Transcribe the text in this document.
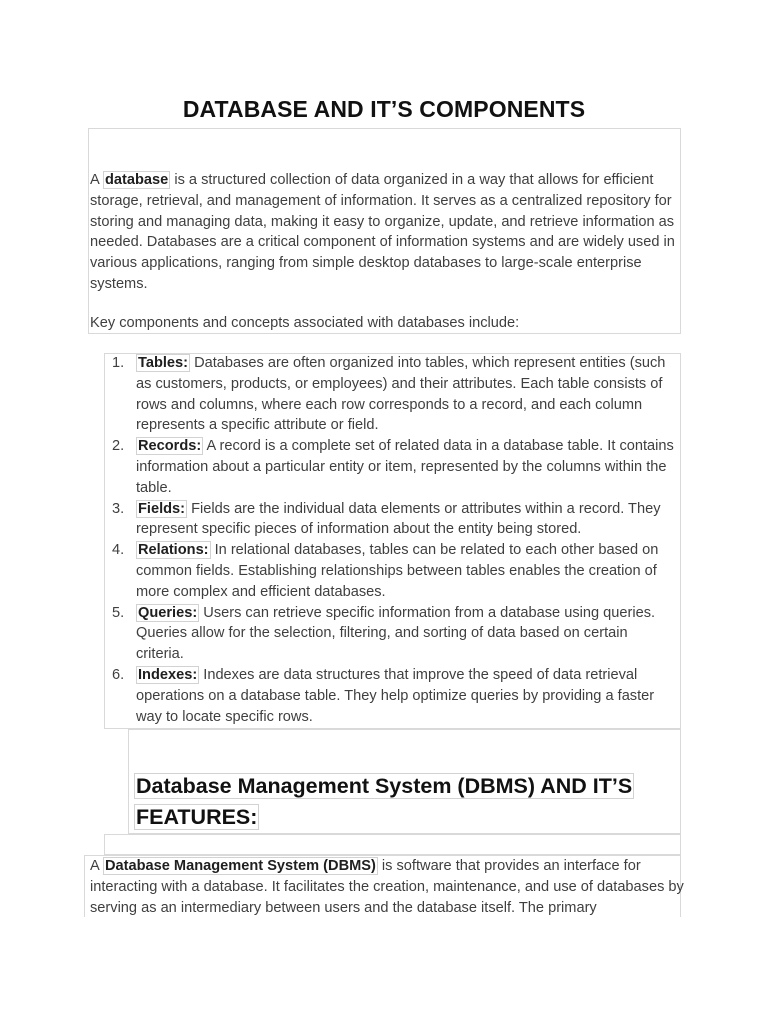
DATABASE AND IT’S COMPONENTS
A database is a structured collection of data organized in a way that allows for efficient storage, retrieval, and management of information. It serves as a centralized repository for storing and managing data, making it easy to organize, update, and retrieve information as needed. Databases are a critical component of information systems and are widely used in various applications, ranging from simple desktop databases to large-scale enterprise systems.
Key components and concepts associated with databases include:
1. Tables: Databases are often organized into tables, which represent entities (such as customers, products, or employees) and their attributes. Each table consists of rows and columns, where each row corresponds to a record, and each column represents a specific attribute or field.
2. Records: A record is a complete set of related data in a database table. It contains information about a particular entity or item, represented by the columns within the table.
3. Fields: Fields are the individual data elements or attributes within a record. They represent specific pieces of information about the entity being stored.
4. Relations: In relational databases, tables can be related to each other based on common fields. Establishing relationships between tables enables the creation of more complex and efficient databases.
5. Queries: Users can retrieve specific information from a database using queries. Queries allow for the selection, filtering, and sorting of data based on certain criteria.
6. Indexes: Indexes are data structures that improve the speed of data retrieval operations on a database table. They help optimize queries by providing a faster way to locate specific rows.
Database Management System (DBMS) AND IT’S
FEATURES:
A Database Management System (DBMS) is software that provides an interface for interacting with a database. It facilitates the creation, maintenance, and use of databases by serving as an intermediary between users and the database itself. The primary
